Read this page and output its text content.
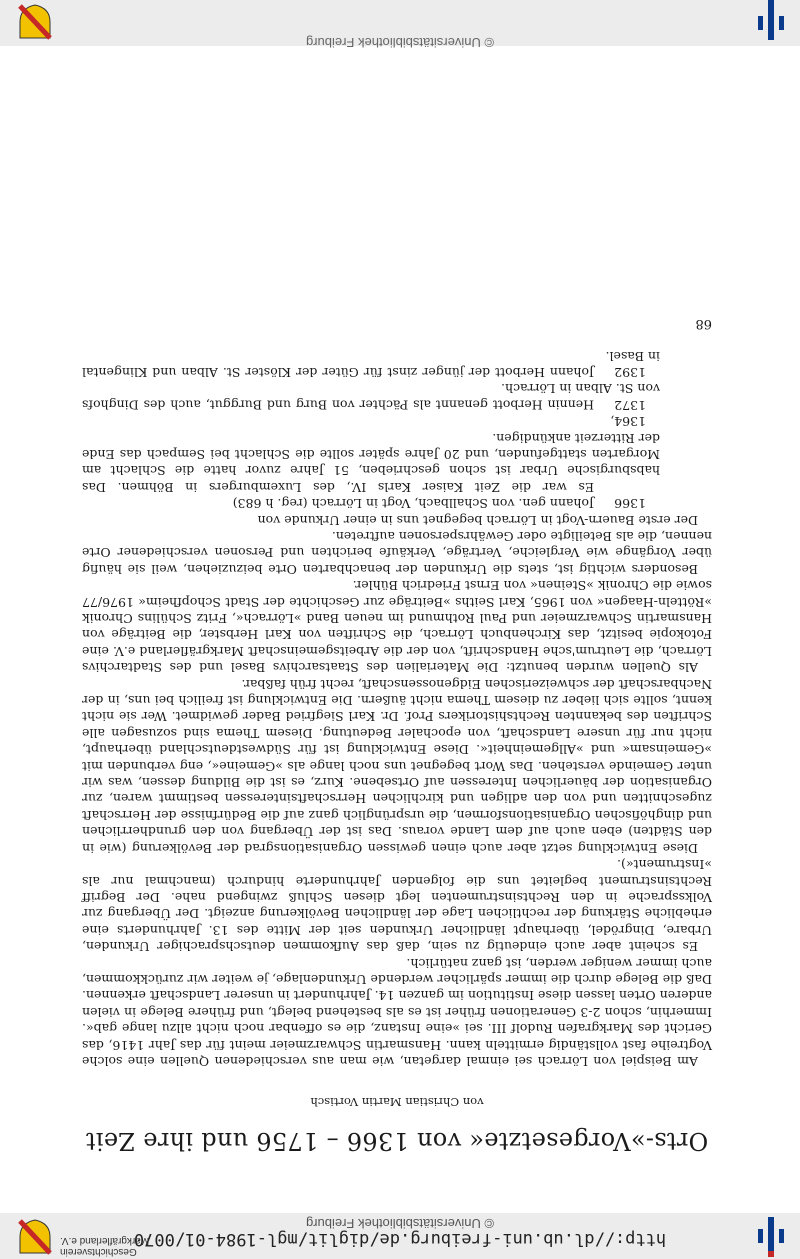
http://dl.ub.uni-freiburg.de/diglit/mgl-1984-01/0070
© Universitätsbibliothek Freiburg
Geschichtsverein Markgräflerland e.V.
© Universitätsbibliothek Freiburg
Orts-»Vorgesetzte« von 1366 – 1756 und ihre Zeit
von Christian Martin Vortisch

Am Beispiel von Lörrach sei einmal dargetan, wie man aus verschiedenen Quellen eine solche Vogtreihe fast vollständig ermitteln kann. Hansmartin Schwarzmeier meint für das Jahr 1416, das Gericht des Markgrafen Rudolf III. sei »eine Instanz, die es offenbar noch nicht allzu lange gab«. Immerhin, schon 2-3 Generationen früher ist es als bestehend belegt, und frühere Belege in vielen anderen Orten lassen diese Institution im ganzen 14. Jahrhundert in unserer Landschaft erkennen. Daß die Belege durch die immer spärlicher werdende Urkundenlage, je weiter wir zurückkommen, auch immer weniger werden, ist ganz natürlich.

Es scheint aber auch eindeutig zu sein, daß das Aufkommen deutschsprachiger Urkunden, Urbare, Dingrödel, überhaupt ländlicher Urkunden seit der Mitte des 13. Jahrhunderts eine erhebliche Stärkung der rechtlichen Lage der ländlichen Bevölkerung anzeigt. Der Übergang zur Volkssprache in den Rechtsinstrumenten legt diesen Schluß zwingend nahe. Der Begriff Rechtsinstrument begleitet uns die folgenden Jahrhunderte hindurch (manchmal nur als »Instrument«).

Diese Entwicklung setzt aber auch einen gewissen Organisationsgrad der Bevölkerung (wie in den Städten) eben auch auf dem Lande voraus. Das ist der Übergang von den grundherrlichen und dinghöfischen Organisationsformen, die ursprünglich ganz auf die Bedürfnisse der Herrschaft zugeschnitten und von den adligen und kirchlichen Herrschaftsinteressen bestimmt waren, zur Organisation der bäuerlichen Interessen auf Ortsebene. Kurz, es ist die Bildung dessen, was wir unter Gemeinde verstehen. Das Wort begegnet uns noch lange als »Gemeine«, eng verbunden mit »Gemeinsam« und »Allgemeinheit«. Diese Entwicklung ist für Südwestdeutschland überhaupt, nicht nur für unsere Landschaft, von epochaler Bedeutung. Diesem Thema sind sozusagen alle Schriften des bekannten Rechtshistorikers Prof. Dr. Karl Siegfried Bader gewidmet. Wer sie nicht kennt, sollte sich lieber zu diesem Thema nicht äußern. Die Entwicklung ist freilich bei uns, in der Nachbarschaft der schweizerischen Eidgenossenschaft, recht früh faßbar.

Als Quellen wurden benutzt: Die Materialien des Staatsarchivs Basel und des Stadtarchivs Lörrach, die Leutrum'sche Handschrift, von der die Arbeitsgemeinschaft Markgräflerland e.V. eine Fotokopie besitzt, das Kirchenbuch Lörrach, die Schriften von Karl Herbster, die Beiträge von Hansmartin Schwarzmeier und Paul Rothmund im neuen Band »Lörrach«, Fritz Schülins Chronik »Rötteln-Haagen« von 1965, Karl Seiths »Beiträge zur Geschichte der Stadt Schopfheim« 1976/77 sowie die Chronik »Steinen« von Ernst Friedrich Bühler.

Besonders wichtig ist, stets die Urkunden der benachbarten Orte beizuziehen, weil sie häufig über Vorgänge wie Vergleiche, Verträge, Verkäufe berichten und Personen verschiedener Orte nennen, die als Beteiligte oder Gewährspersonen auftreten.

Der erste Bauern-Vogt in Lörrach begegnet uns in einer Urkunde von

1366Johann gen. von Schallbach, Vogt in Lörrach (reg. h 683)

Es war die Zeit Kaiser Karls IV., des Luxemburgers in Böhmen. Das habsburgische Urbar ist schon geschrieben, 51 Jahre zuvor hatte die Schlacht am Morgarten stattgefunden, und 20 Jahre später sollte die Schlacht bei Sempach das Ende der Ritterzeit ankündigen.

1364, 1372Hennin Herbott genannt als Pächter von Burg und Burggut, auch des Dinghofs von St. Alban in Lörrach.

1392Johann Herbott der jünger zinst für Güter der Klöster St. Alban und Klingental in Basel.

68
